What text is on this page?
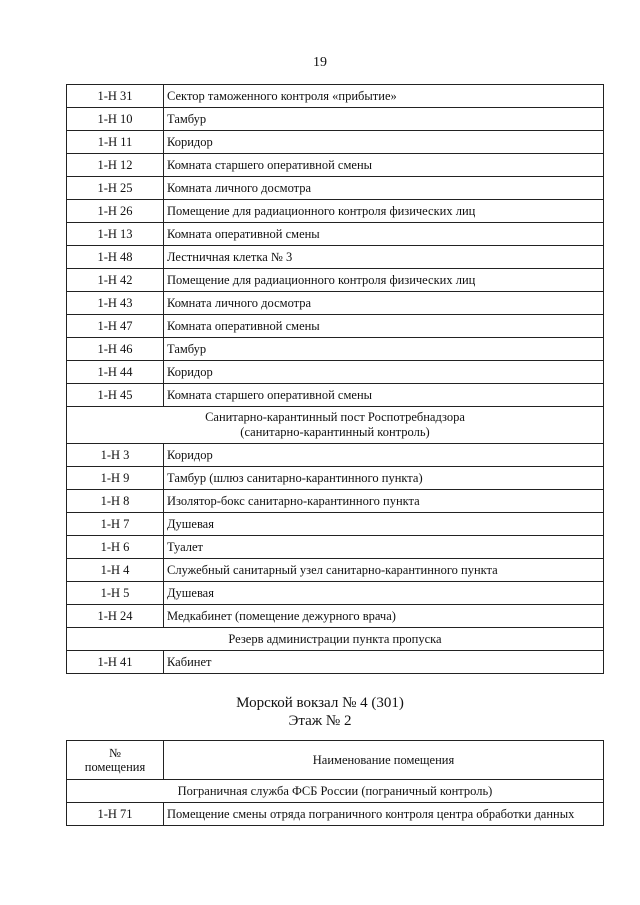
19
1-Н 31	Сектор таможенного контроля «прибытие»
1-Н 10	Тамбур
1-Н 11	Коридор
1-Н 12	Комната старшего оперативной смены
1-Н 25	Комната личного досмотра
1-Н 26	Помещение для радиационного контроля физических лиц
1-Н 13	Комната оперативной смены
1-Н 48	Лестничная клетка № 3
1-Н 42	Помещение для радиационного контроля физических лиц
1-Н 43	Комната личного досмотра
1-Н 47	Комната оперативной смены
1-Н 46	Тамбур
1-Н 44	Коридор
1-Н 45	Комната старшего оперативной смены
Санитарно-карантинный пост Роспотребнадзора
(санитарно-карантинный контроль)	
1-Н 3	Коридор
1-Н 9	Тамбур (шлюз санитарно-карантинного пункта)
1-Н 8	Изолятор-бокс санитарно-карантинного пункта
1-Н 7	Душевая
1-Н 6	Туалет
1-Н 4	Служебный санитарный узел санитарно-карантинного пункта
1-Н 5	Душевая
1-Н 24	Медкабинет (помещение дежурного врача)
Резерв администрации пункта пропуска	
1-Н 41	Кабинет
Морской вокзал № 4 (301)
Этаж № 2
№
помещения	Наименование помещения
Пограничная служба ФСБ России (пограничный контроль)	
1-Н 71	Помещение смены отряда пограничного контроля центра обработки данных
